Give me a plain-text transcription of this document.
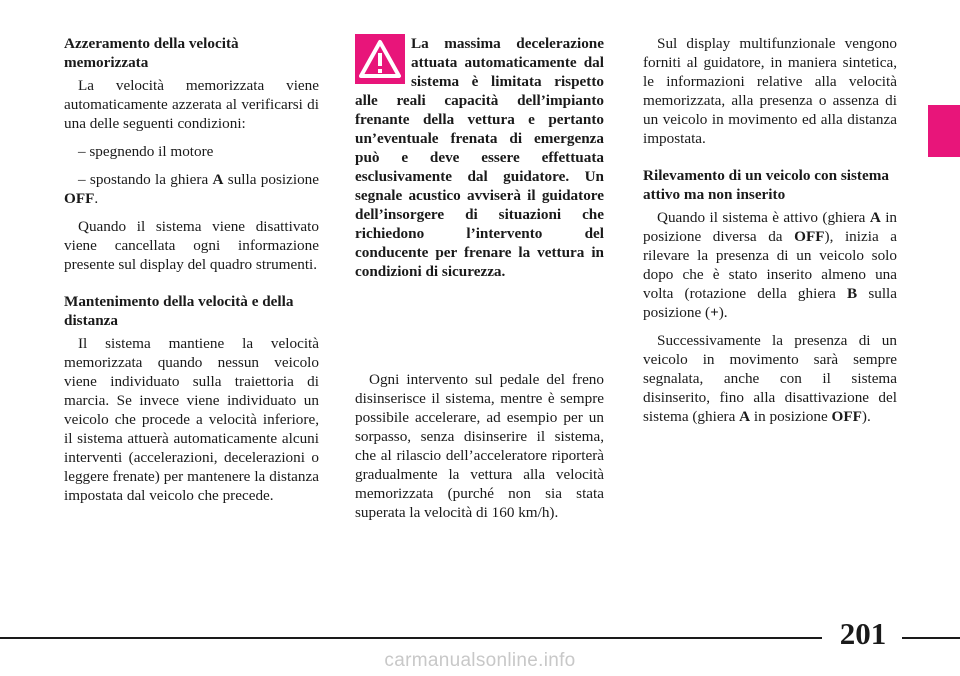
Azzeramento della velocità memorizzata

La velocità memorizzata viene automaticamente azzerata al verificarsi di una delle seguenti condizioni:

– spegnendo il motore

– spostando la ghiera A sulla posizione OFF.

Quando il sistema viene disattivato viene cancellata ogni informazione presente sul display del quadro strumenti.

Mantenimento della velocità e della distanza

Il sistema mantiene la velocità memorizzata quando nessun veicolo viene individuato sulla traiettoria di marcia. Se invece viene individuato un veicolo che procede a velocità inferiore, il sistema attuerà automaticamente alcuni interventi (accelerazioni, decelerazioni o leggere frenate) per mantenere la distanza impostata dal veicolo che precede.

La massima decelerazione attuata automaticamente dal sistema è limitata rispetto alle reali capacità dell’impianto frenante della vettura e pertanto un’eventuale frenata di emergenza può e deve essere effettuata esclusivamente dal guidatore. Un segnale acustico avviserà il guidatore dell’insorgere di situazioni che richiedono l’intervento del conducente per frenare la vettura in condizioni di sicurezza.

Ogni intervento sul pedale del freno disinserisce il sistema, mentre è sempre possibile accelerare, ad esempio per un sorpasso, senza disinserire il sistema, che al rilascio dell’acceleratore riporterà gradualmente la vettura alla velocità memorizzata (purché non sia stata superata la velocità di 160 km/h).

Sul display multifunzionale vengono forniti al guidatore, in maniera sintetica, le informazioni relative alla velocità memorizzata, alla presenza o assenza di un veicolo in movimento ed alla distanza impostata.

Rilevamento di un veicolo con sistema attivo ma non inserito

Quando il sistema è attivo (ghiera A in posizione diversa da OFF), inizia a rilevare la presenza di un veicolo solo dopo che è stato inserito almeno una volta (rotazione della ghiera B sulla posizione (+).

Successivamente la presenza di un veicolo in movimento sarà sempre segnalata, anche con il sistema disinserito, fino alla disattivazione del sistema (ghiera A in posizione OFF).

201
carmanualsonline.info
